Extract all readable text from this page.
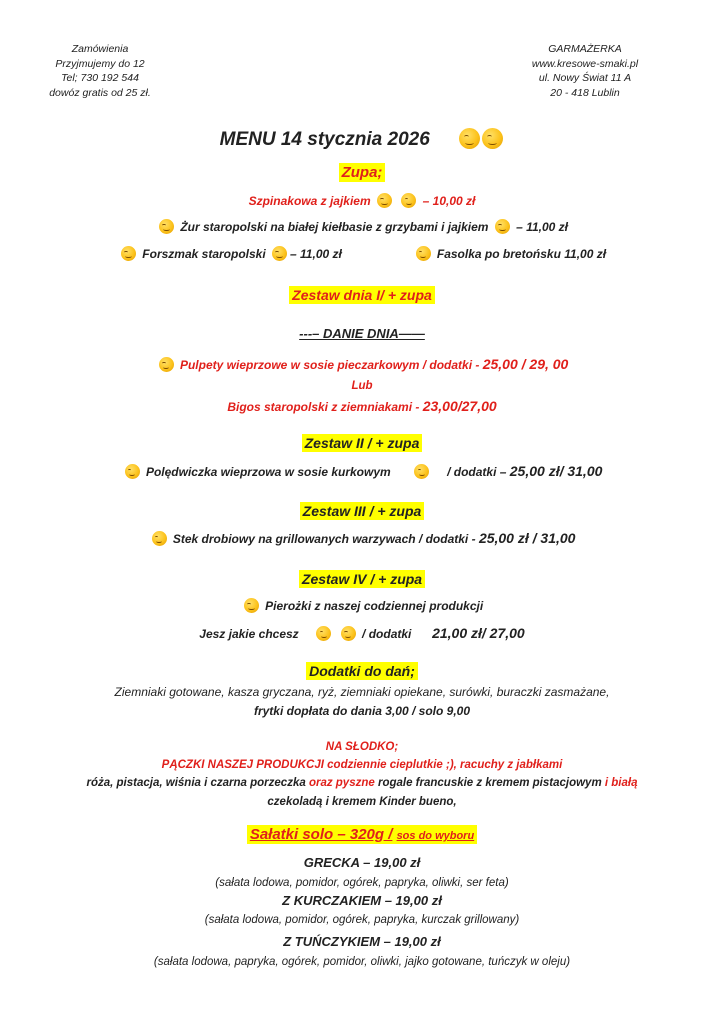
Zamówienia
Przyjmujemy do 12
Tel; 730 192 544
dowóz gratis od 25 zł.
GARMAŻERKA
www.kresowe-smaki.pl
ul. Nowy Świat 11 A
20 - 418 Lublin
MENU 14 stycznia 2026
Zupa;
Szpinakowa z jajkiem	– 10,00 zł
Żur staropolski na białej kiełbasie z grzybami i jajkiem – 11,00 zł
Forszmak staropolski – 11,00 zł	Fasolka po bretońsku 11,00 zł
Zestaw dnia I/ + zupa
---– DANIE DNIA——
Pulpety wieprzowe w sosie pieczarkowym / dodatki - 25,00 / 29, 00
Lub
Bigos staropolski z ziemniakami - 23,00/27,00
Zestaw II / + zupa
Polędwiczka wieprzowa w sosie kurkowym	/ dodatki – 25,00 zł/ 31,00
Zestaw III / + zupa
Stek drobiowy na grillowanych warzywach / dodatki - 25,00 zł / 31,00
Zestaw IV / + zupa
Pierożki z naszej codziennej produkcji
Jesz jakie chcesz	/ dodatki 21,00 zł/ 27,00
Dodatki do dań;
Ziemniaki gotowane, kasza gryczana, ryż, ziemniaki opiekane, surówki, buraczki zasmażane,
frytki dopłata do dania 3,00 / solo 9,00
NA SŁODKO;
PĄCZKI NASZEJ PRODUKCJI codziennie cieplutkie ;), racuchy z jabłkami
róża, pistacja, wiśnia i czarna porzeczka oraz pyszne rogale francuskie z kremem pistacjowym i białą
czekoladą i kremem Kinder bueno,
Sałatki solo – 320g / sos do wyboru
GRECKA – 19,00 zł
(sałata lodowa, pomidor, ogórek, papryka, oliwki, ser feta)
Z KURCZAKIEM – 19,00 zł
(sałata lodowa, pomidor, ogórek, papryka, kurczak grillowany)
Z TUŃCZYKIEM – 19,00 zł
(sałata lodowa, papryka, ogórek, pomidor, oliwki, jajko gotowane, tuńczyk w oleju)
